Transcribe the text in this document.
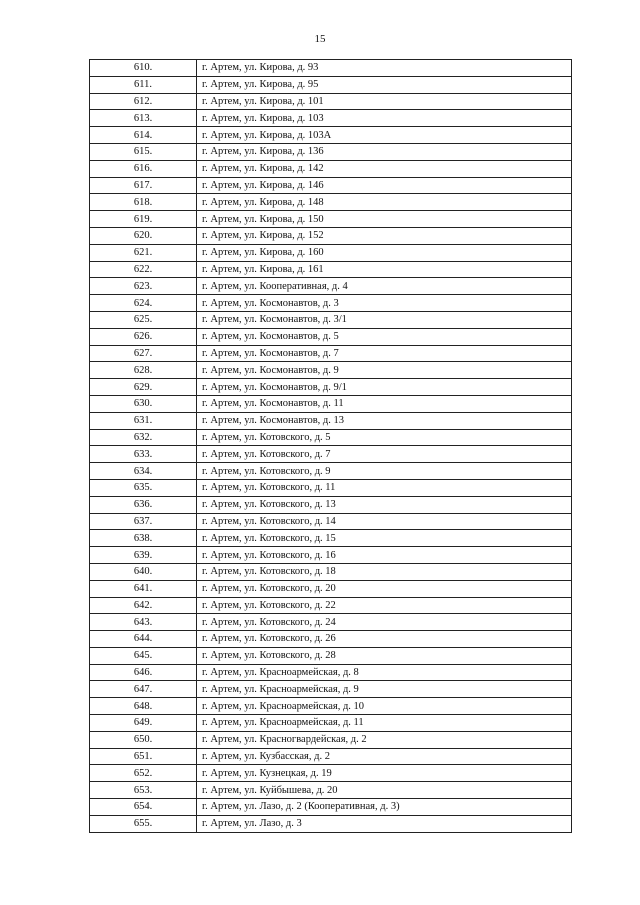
15
610.	г. Артем, ул. Кирова, д. 93
611.	г. Артем, ул. Кирова, д. 95
612.	г. Артем, ул. Кирова, д. 101
613.	г. Артем, ул. Кирова, д. 103
614.	г. Артем, ул. Кирова, д. 103А
615.	г. Артем, ул. Кирова, д. 136
616.	г. Артем, ул. Кирова, д. 142
617.	г. Артем, ул. Кирова, д. 146
618.	г. Артем, ул. Кирова, д. 148
619.	г. Артем, ул. Кирова, д. 150
620.	г. Артем, ул. Кирова, д. 152
621.	г. Артем, ул. Кирова, д. 160
622.	г. Артем, ул. Кирова, д. 161
623.	г. Артем, ул. Кооперативная, д. 4
624.	г. Артем, ул. Космонавтов, д. 3
625.	г. Артем, ул. Космонавтов, д. 3/1
626.	г. Артем, ул. Космонавтов, д. 5
627.	г. Артем, ул. Космонавтов, д. 7
628.	г. Артем, ул. Космонавтов, д. 9
629.	г. Артем, ул. Космонавтов, д. 9/1
630.	г. Артем, ул. Космонавтов, д. 11
631.	г. Артем, ул. Космонавтов, д. 13
632.	г. Артем, ул. Котовского, д. 5
633.	г. Артем, ул. Котовского, д. 7
634.	г. Артем, ул. Котовского, д. 9
635.	г. Артем, ул. Котовского, д. 11
636.	г. Артем, ул. Котовского, д. 13
637.	г. Артем, ул. Котовского, д. 14
638.	г. Артем, ул. Котовского, д. 15
639.	г. Артем, ул. Котовского, д. 16
640.	г. Артем, ул. Котовского, д. 18
641.	г. Артем, ул. Котовского, д. 20
642.	г. Артем, ул. Котовского, д. 22
643.	г. Артем, ул. Котовского, д. 24
644.	г. Артем, ул. Котовского, д. 26
645.	г. Артем, ул. Котовского, д. 28
646.	г. Артем, ул. Красноармейская, д. 8
647.	г. Артем, ул. Красноармейская, д. 9
648.	г. Артем, ул. Красноармейская, д. 10
649.	г. Артем, ул. Красноармейская, д. 11
650.	г. Артем, ул. Красногвардейская, д. 2
651.	г. Артем, ул. Кузбасская, д. 2
652.	г. Артем, ул. Кузнецкая, д. 19
653.	г. Артем, ул. Куйбышева, д. 20
654.	г. Артем, ул. Лазо, д. 2 (Кооперативная, д. 3)
655.	г. Артем, ул. Лазо, д. 3
